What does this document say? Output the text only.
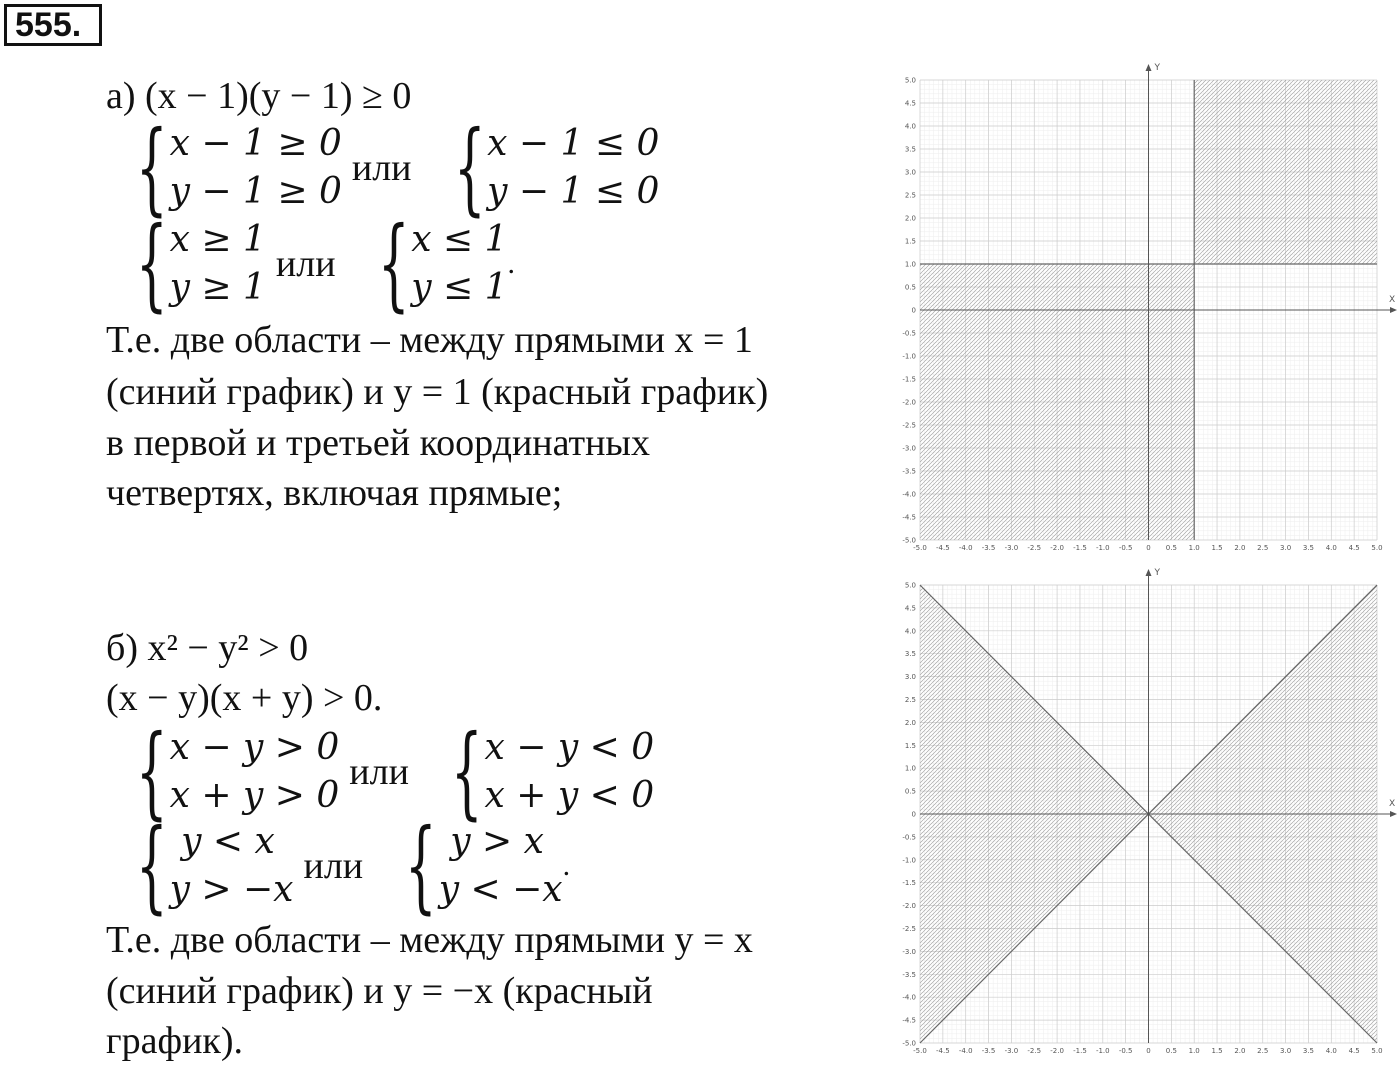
555.
а) (x − 1)(y − 1) ≥ 0
{ x − 1 ≥ 0
y − 1 ≥ 0
или { x − 1 ≤ 0
y − 1 ≤ 0
{ x ≥ 1
y ≥ 1
или { x ≤ 1
y ≤ 1
.
Т.е. две области – между прямыми x = 1
(синий график) и y = 1 (красный график)
в первой и третьей координатных
четвертях, включая прямые;
б) x² − y² > 0
(x − y)(x + y) > 0.
{ x − y > 0
x + y > 0
или { x − y < 0
x + y < 0
{ y < x
y > −x
или { y > x
y < −x
.
Т.е. две области – между прямыми y = x
(синий график) и y = −x (красный
график).
X
Y
-5.0
-5.0
-4.5
-4.5
-4.0
-4.0
-3.5
-3.5
-3.0
-3.0
-2.5
-2.5
-2.0
-2.0
-1.5
-1.5
-1.0
-1.0
-0.5
-0.5
0
0
0.5
0.5
1.0
1.0
1.5
1.5
2.0
2.0
2.5
2.5
3.0
3.0
3.5
3.5
4.0
4.0
4.5
4.5
5.0
5.0
X
Y
-5.0
-5.0
-4.5
-4.5
-4.0
-4.0
-3.5
-3.5
-3.0
-3.0
-2.5
-2.5
-2.0
-2.0
-1.5
-1.5
-1.0
-1.0
-0.5
-0.5
0
0
0.5
0.5
1.0
1.0
1.5
1.5
2.0
2.0
2.5
2.5
3.0
3.0
3.5
3.5
4.0
4.0
4.5
4.5
5.0
5.0
